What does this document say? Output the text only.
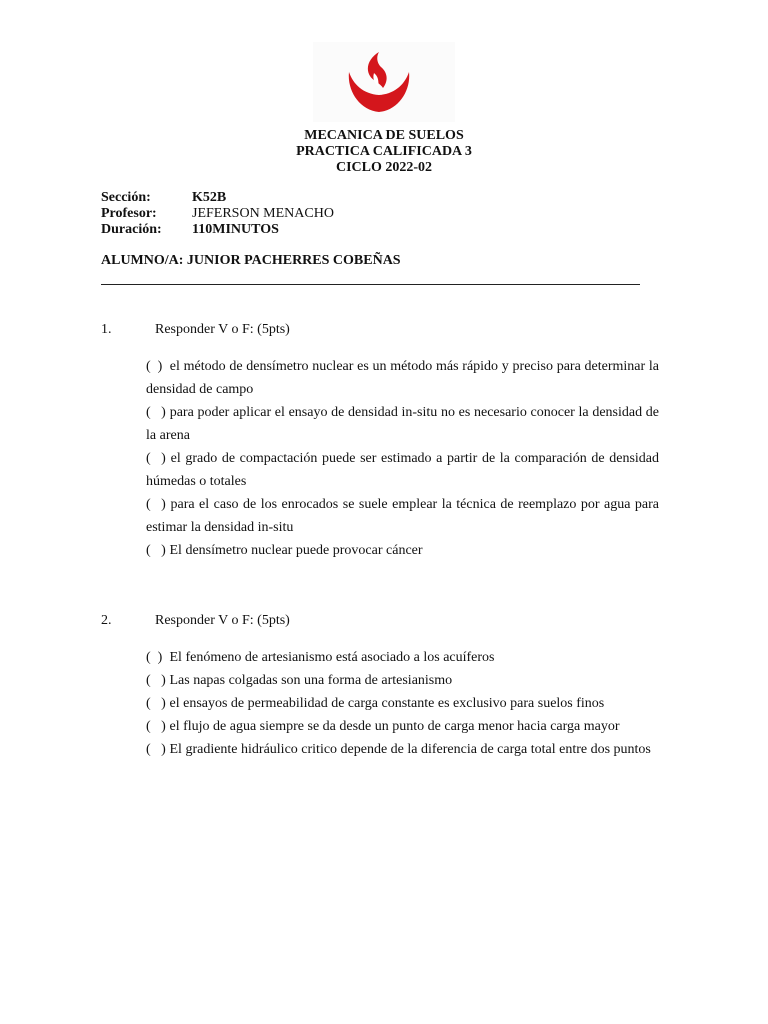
MECANICA DE SUELOS
PRACTICA CALIFICADA 3
CICLO 2022-02
Sección:	K52B
Profesor:	JEFERSON MENACHO
Duración: 110MINUTOS
ALUMNO/A: JUNIOR PACHERRES COBEÑAS
1.	Responder V o F: (5pts)
( ) el método de densímetro nuclear es un método más rápido y preciso para determinar la densidad de campo
( ) para poder aplicar el ensayo de densidad in-situ no es necesario conocer la densidad de la arena
( ) el grado de compactación puede ser estimado a partir de la comparación de densidad húmedas o totales
( ) para el caso de los enrocados se suele emplear la técnica de reemplazo por agua para estimar la densidad in-situ
( ) El densímetro nuclear puede provocar cáncer
2.	Responder V o F: (5pts)
( ) El fenómeno de artesianismo está asociado a los acuíferos
( ) Las napas colgadas son una forma de artesianismo
( ) el ensayos de permeabilidad de carga constante es exclusivo para suelos finos
( ) el flujo de agua siempre se da desde un punto de carga menor hacia carga mayor
( ) El gradiente hidráulico critico depende de la diferencia de carga total entre dos puntos
